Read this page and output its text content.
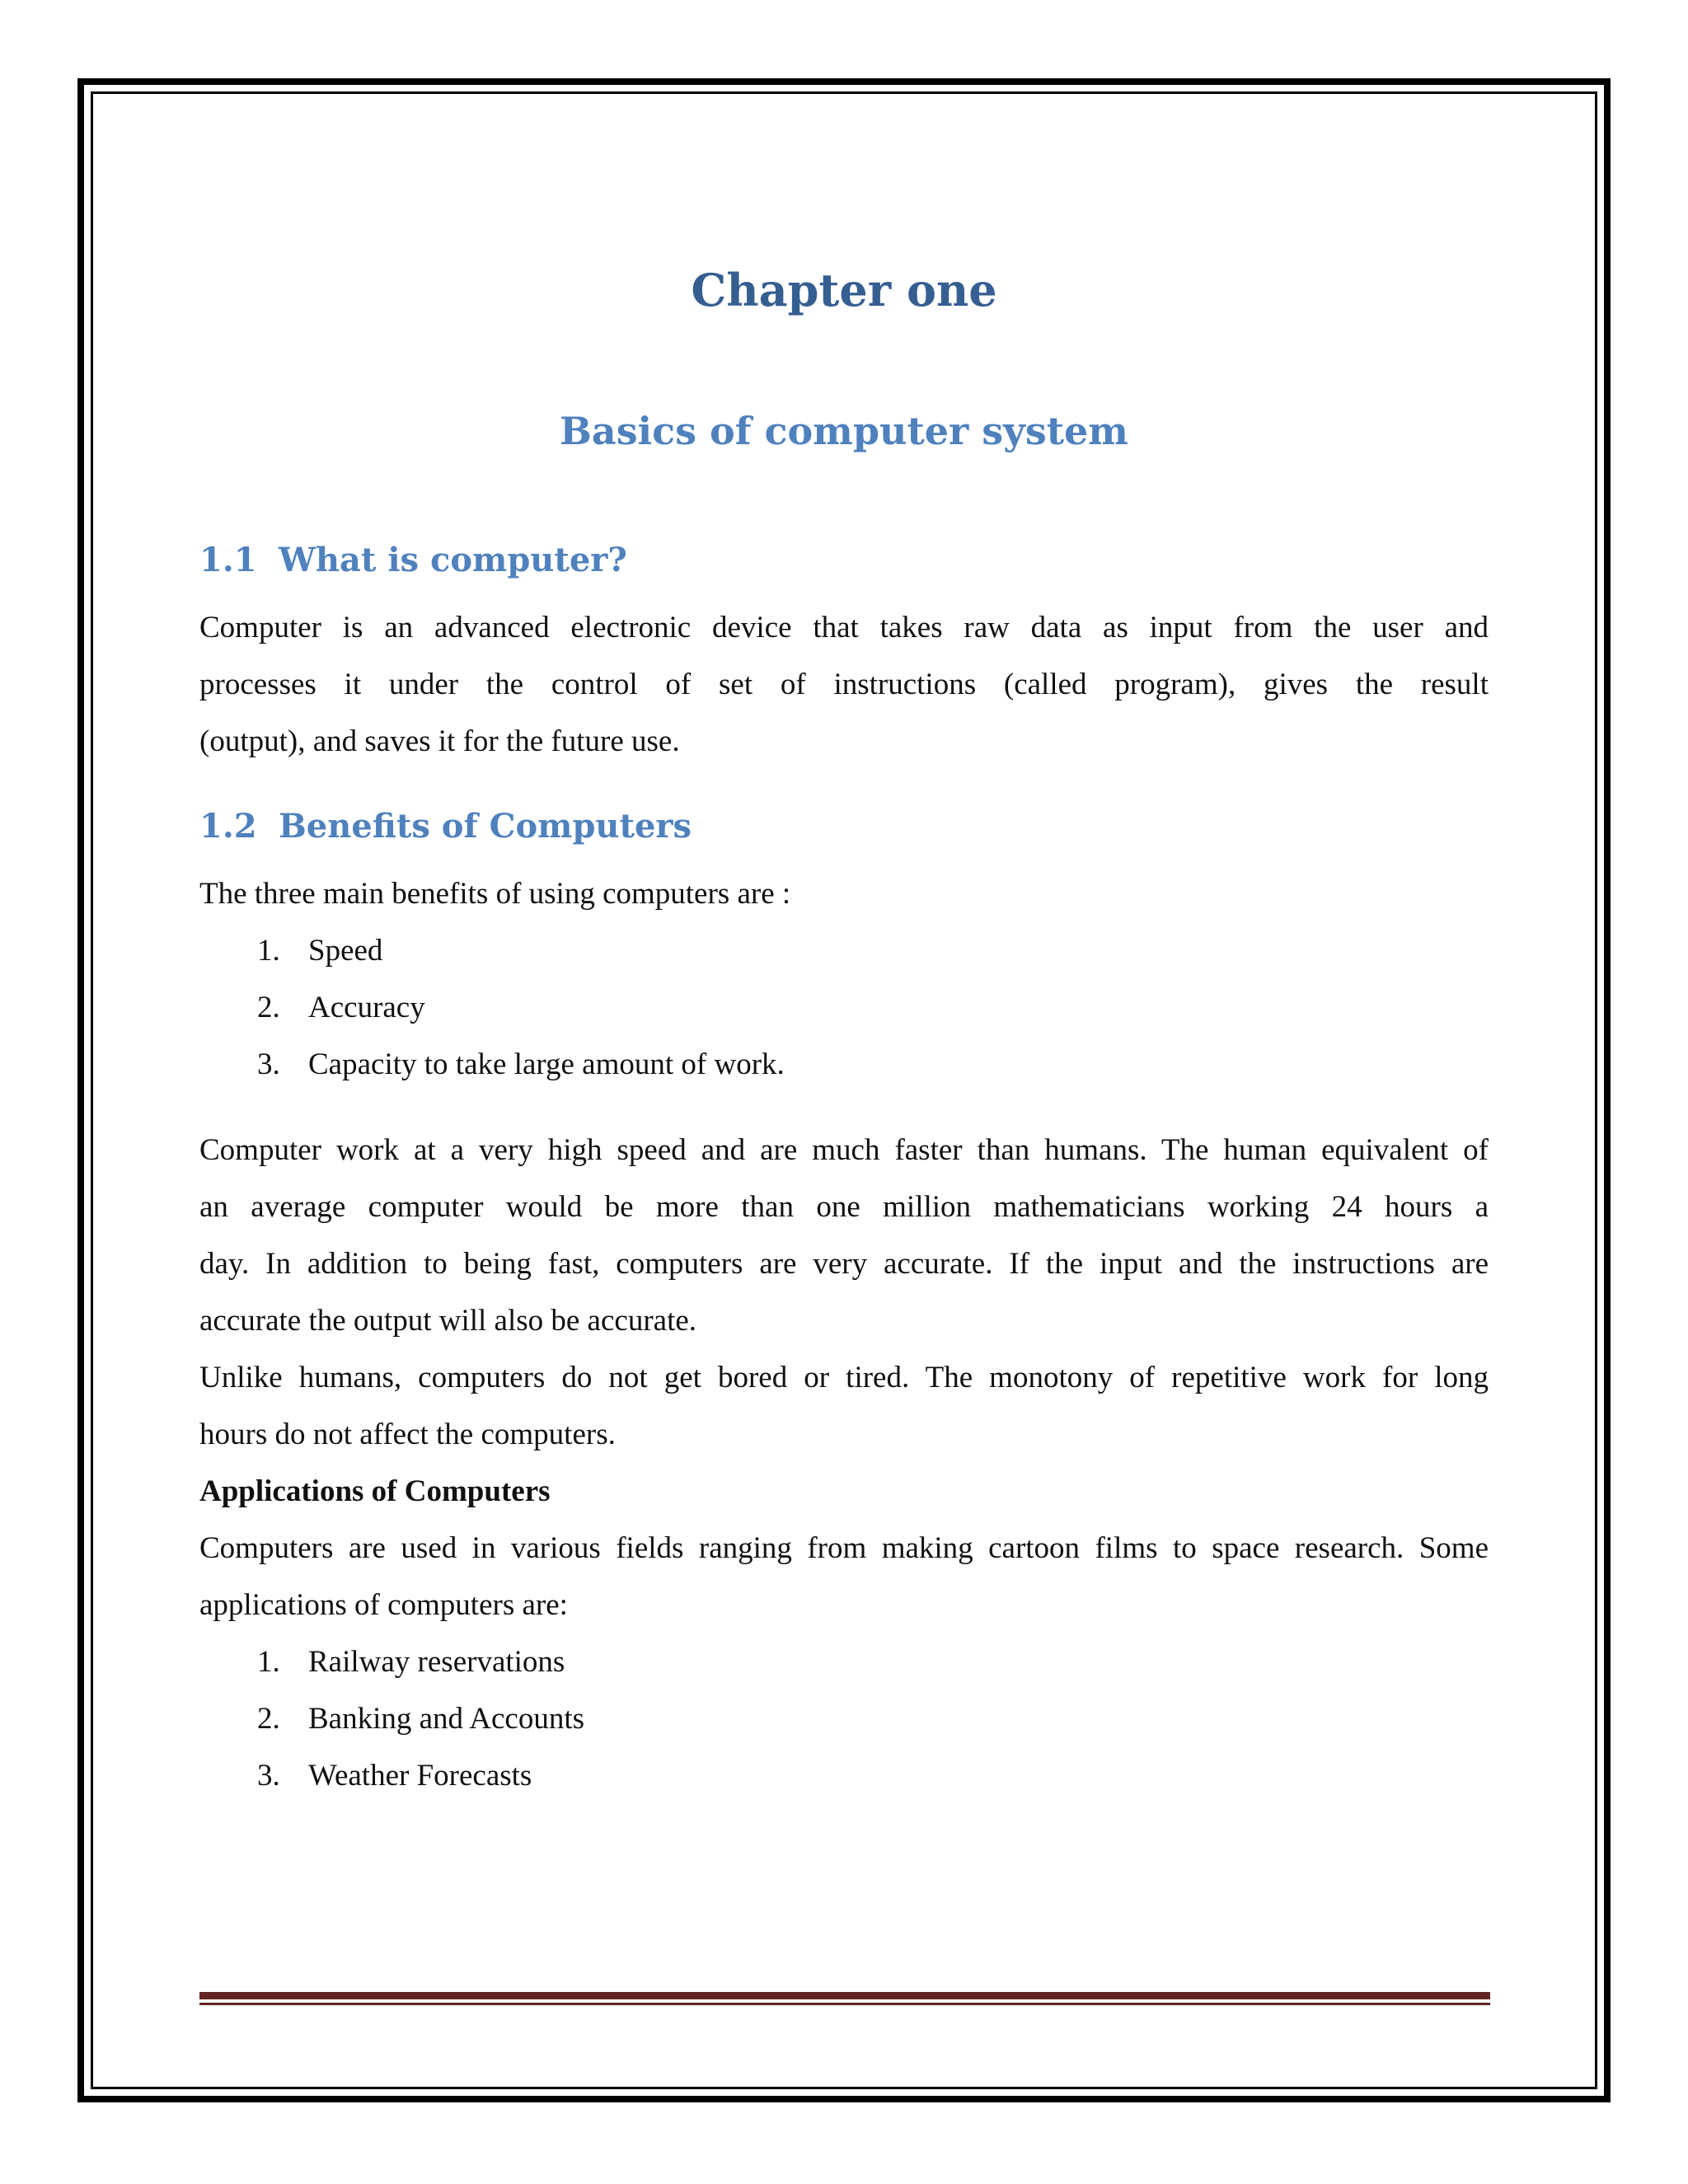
Chapter one
Basics of computer system
1.1 What is computer?
Computer is an advanced electronic device that takes raw data as input from the user and
processes it under the control of set of instructions (called program), gives the result
(output), and saves it for the future use.
1.2 Benefits of Computers
The three main benefits of using computers are :
1. Speed
2. Accuracy
3. Capacity to take large amount of work.
Computer work at a very high speed and are much faster than humans. The human equivalent of
an average computer would be more than one million mathematicians working 24 hours a
day. In addition to being fast, computers are very accurate. If the input and the instructions are
accurate the output will also be accurate.
Unlike humans, computers do not get bored or tired. The monotony of repetitive work for long
hours do not affect the computers.
Applications of Computers
Computers are used in various fields ranging from making cartoon films to space research. Some
applications of computers are:
1. Railway reservations
2. Banking and Accounts
3. Weather Forecasts
